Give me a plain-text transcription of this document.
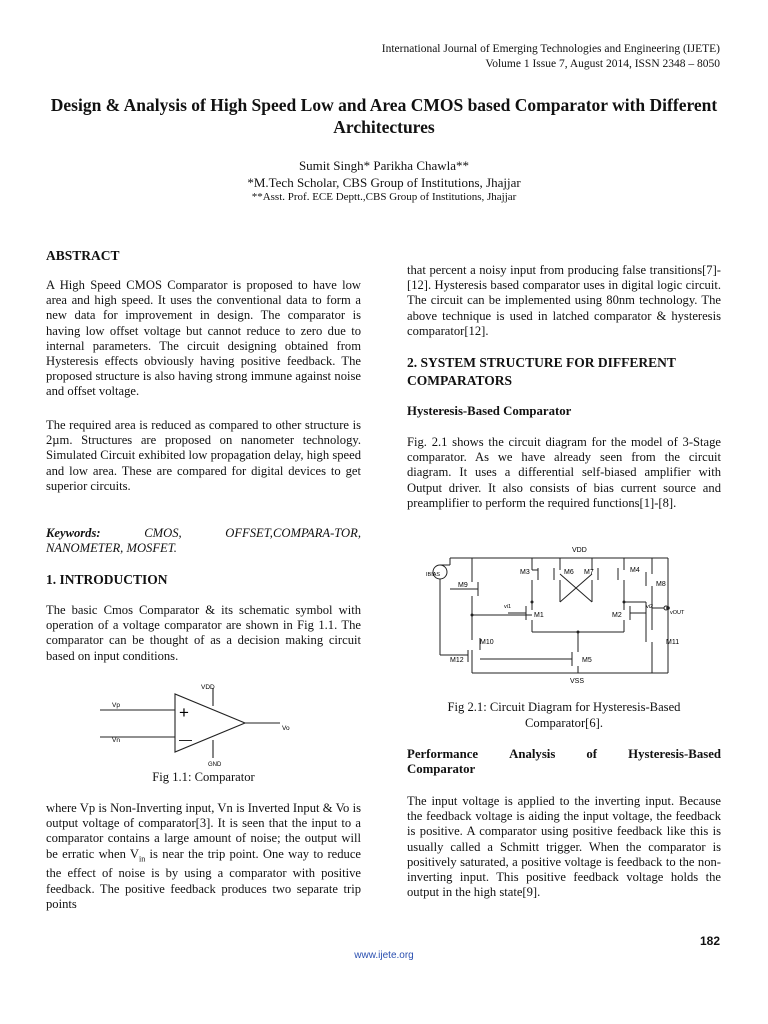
International Journal of Emerging Technologies and Engineering (IJETE)
Volume 1 Issue 7, August 2014, ISSN 2348 – 8050
Design & Analysis of High Speed Low and Area CMOS based Comparator with Different Architectures
Sumit Singh* Parikha Chawla**
*M.Tech Scholar, CBS Group of Institutions, Jhajjar
**Asst. Prof. ECE Deptt.,CBS Group of Institutions, Jhajjar
ABSTRACT
A High Speed CMOS Comparator is proposed to have low area and high speed. It uses the conventional data to form a new data for improvement in design. The comparator is having low offset voltage but cannot reduce to zero due to internal parameters. The circuit designing obtained from Hysteresis effects obviously having positive feedback. The proposed structure is also having strong immune against noise and offset voltage.
The required area is reduced as compared to other structure is 2µm. Structures are proposed on nanometer technology. Simulated Circuit exhibited low propagation delay, high speed and low area. These are compared for digital devices to get superior circuits.
Keywords:	CMOS,	OFFSET,COMPARA-TOR,
NANOMETER, MOSFET.
1. INTRODUCTION
The basic Cmos Comparator & its schematic symbol with operation of a voltage comparator are shown in Fig 1.1. The comparator can be thought of as a decision making circuit based on input conditions.
VDD
Vp
Vn
Vo
GND
+
—
Fig 1.1: Comparator
where Vp is Non-Inverting input, Vn is Inverted Input & Vo is output voltage of comparator[3]. It is seen that the input to a comparator contains a large amount of noise; the output will be erratic when $V_{in}$ is near the trip point. One way to reduce the effect of noise is by using a comparator with positive feedback. The positive feedback produces two separate trip points
that percent a noisy input from producing false transitions[7]-[12]. Hysteresis based comparator uses in digital logic circuit. The circuit can be implemented using 80nm technology. The above technique is used in latched comparator & hysteresis comparator[12].
2. SYSTEM STRUCTURE FOR DIFFERENT
COMPARATORS
Hysteresis-Based Comparator
Fig. 2.1 shows the circuit diagram for the model of 3-Stage comparator. As we have already seen from the circuit diagram. It uses a differential self-biased amplifier with Output driver. It also consists of bias current source and preamplifier to perform the required functions[1]-[8].
VDD
VSS
IBIAS
M9
M3	M6 M7	M4
M8
M1	M2
vi1	vi2
vOUT
M10	M11
M12	M5
Fig 2.1: Circuit Diagram for Hysteresis-Based
Comparator[6].
Performance Analysis of Hysteresis-Based
Comparator
The input voltage is applied to the inverting input. Because the feedback voltage is aiding the input voltage, the feedback is positive. A comparator using positive feedback like this is usually called a Schmitt trigger. When the comparator is positively saturated, a positive voltage is feedback to the non-inverting input. This positive feedback voltage holds the output in the high state[9].
182
www.ijete.org
